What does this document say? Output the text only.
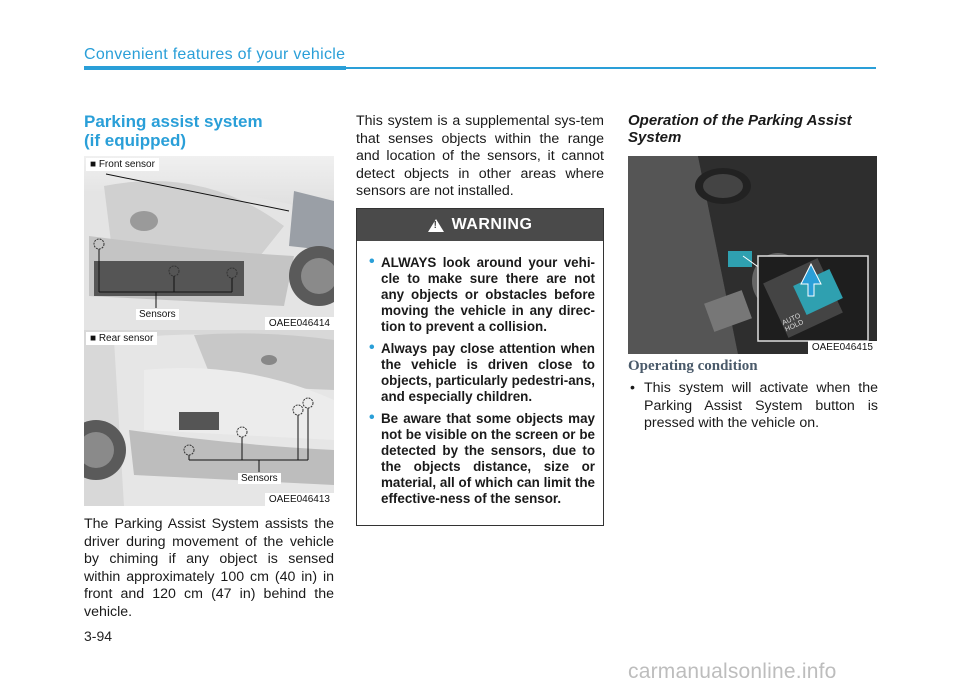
Convenient features of your vehicle
Parking assist system
(if equipped)
■ Front sensor
Sensors
OAEE046414
■ Rear sensor
Sensors
OAEE046413
The Parking Assist System assists the driver during movement of the vehicle by chiming if any object is sensed within approximately 100 cm (40 in) in front and 120 cm (47 in) behind the vehicle.
This system is a supplemental sys-tem that senses objects within the range and location of the sensors, it cannot detect objects in other areas where sensors are not installed.
!
WARNING
• ALWAYS look around your vehi-cle to make sure there are not any objects or obstacles before moving the vehicle in any direc-tion to prevent a collision.
• Always pay close attention when the vehicle is driven close to objects, particularly pedestri-ans, and especially children.
• Be aware that some objects may not be visible on the screen or be detected by the sensors, due to the objects distance, size or material, all of which can limit the effective-ness of the sensor.
Operation of the Parking Assist System
AUTO HOLD
OAEE046415
Operating condition
• This system will activate when the Parking Assist System button is pressed with the vehicle on.
3-94
carmanualsonline.info
